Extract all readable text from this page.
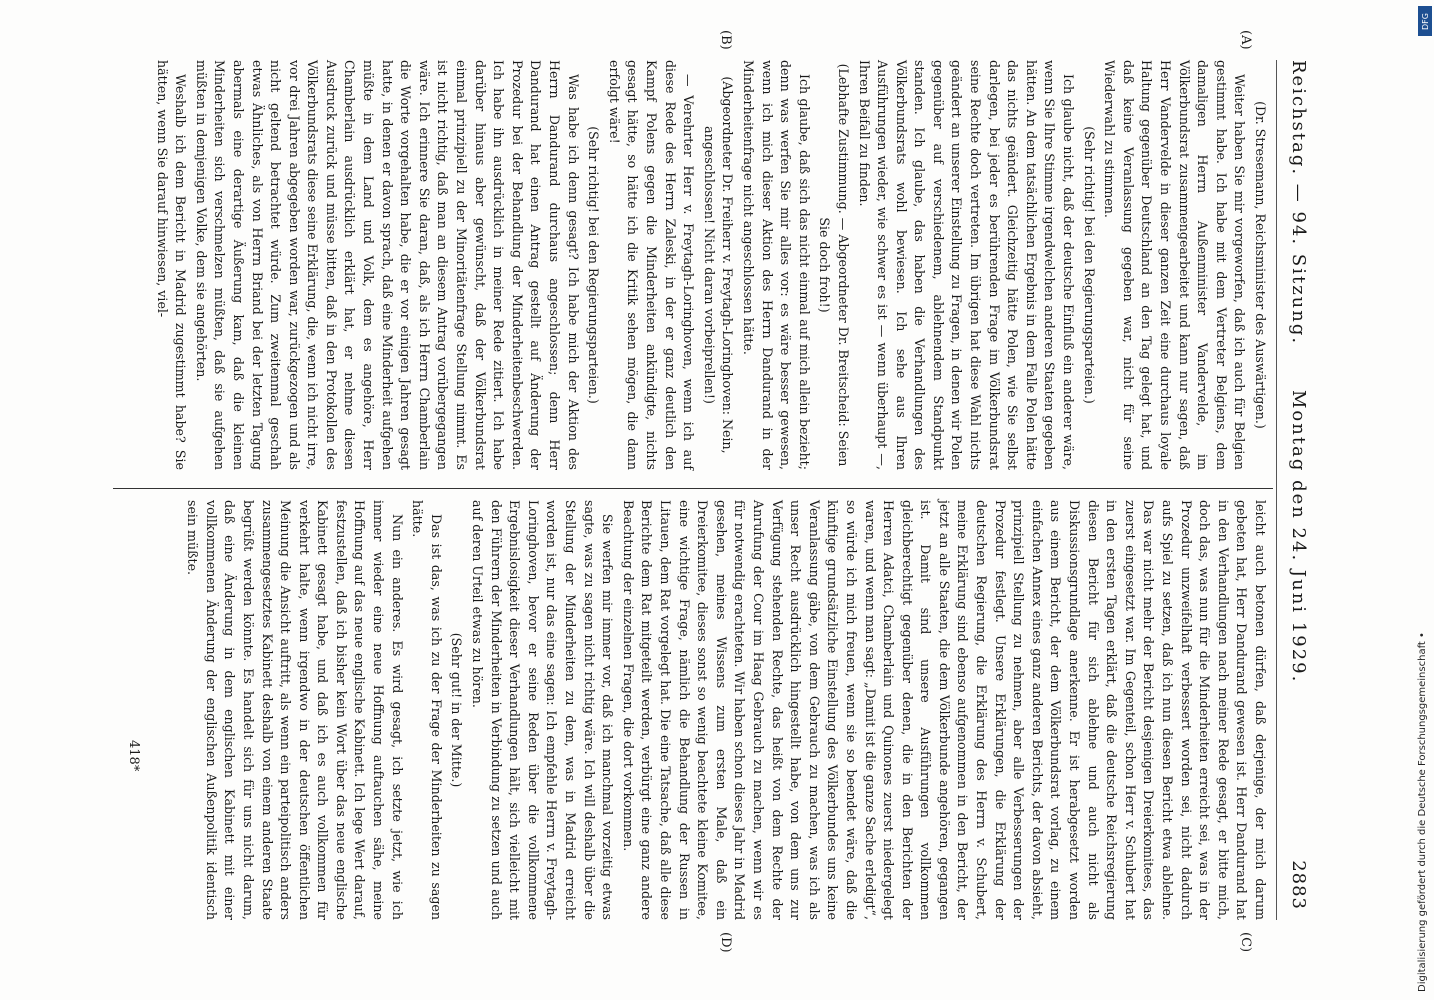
Reichstag. — 94. Sitzung.
Montag den 24. Juni 1929.
2883
(A)
(B)
(C)
(D)

(Dr. Stresemann, Reichsminister des Auswärtigen.)

Weiter haben Sie mir vorgeworfen, daß ich auch für Belgien gestimmt habe. Ich habe mit dem Vertreter Belgiens, dem damaligen Herrn Außenminister Vandervelde, im Völkerbundsrat zusammengearbeitet und kann nur sagen, daß Herr Vandervelde in dieser ganzen Zeit eine durchaus loyale Haltung gegenüber Deutschland an den Tag gelegt hat, und daß keine Veranlassung gegeben war, nicht für seine Wiederwahl zu stimmen.

(Sehr richtig! bei den Regierungsparteien.)

Ich glaube nicht, daß der deutsche Einfluß ein anderer wäre, wenn Sie Ihre Stimme irgendwelchen anderen Staaten gegeben hätten. An dem tatsächlichen Ergebnis in dem Falle Polen hätte das nichts geändert. Gleichzeitig hätte Polen, wie Sie selbst darlegen, bei jeder es berührenden Frage im Völkerbundsrat seine Rechte doch vertreten. Im übrigen hat diese Wahl nichts geändert an unserer Einstellung zu Fragen, in denen wir Polen gegenüber auf verschiedenem, ablehnendem Standpunkt standen. Ich glaube, das haben die Verhandlungen des Völkerbundsrats wohl bewiesen. Ich sehe aus Ihren Ausführungen wieder, wie schwer es ist — wenn überhaupt —, Ihren Beifall zu finden.

(Lebhafte Zustimmung. — Abgeordneter Dr. Breitscheid: Seien Sie doch froh!)

Ich glaube, daß sich das nicht einmal auf mich allein bezieht; denn was werfen Sie mir alles vor: es wäre besser gewesen, wenn ich mich dieser Aktion des Herrn Dandurand in der Minderheitenfrage nicht angeschlossen hätte.

(Abgeordneter Dr. Freiherr v. Freytagh-Loringhoven: Nein, angeschlossen! Nicht daran vorbeiprellen!)

— Verehrter Herr v. Freytagh-Loringhoven, wenn ich auf diese Rede des Herrn Zaleski, in der er ganz deutlich den Kampf Polens gegen die Minderheiten ankündigte, nichts gesagt hätte, so hätte ich die Kritik sehen mögen, die dann erfolgt wäre!

(Sehr richtig! bei den Regierungsparteien.)

Was habe ich denn gesagt? Ich habe mich der Aktion des Herrn Dandurand durchaus angeschlossen; denn Herr Dandurand hat einen Antrag gestellt auf Änderung der Prozedur bei der Behandlung der Minderheitenbeschwerden. Ich habe ihn ausdrücklich in meiner Rede zitiert. Ich habe darüber hinaus aber gewünscht, daß der Völkerbundsrat einmal prinzipiell zu der Minoritätenfrage Stellung nimmt. Es ist nicht richtig, daß man an diesem Antrag vorübergegangen wäre. Ich erinnere Sie daran, daß, als ich Herrn Chamberlain die Worte vorgehalten habe, die er vor einigen Jahren gesagt hatte, in denen er davon sprach, daß eine Minderheit aufgehen müßte in dem Land und Volk, dem es angehöre, Herr Chamberlain ausdrücklich erklärt hat, er nehme diesen Ausdruck zurück und müsse bitten, daß in den Protokollen des Völkerbundsrats diese seine Erklärung, die, wenn ich nicht irre, vor drei Jahren abgegeben worden war, zurückgezogen und als nicht geltend betrachtet würde. Zum zweitenmal geschah etwas Ähnliches, als von Herrn Briand bei der letzten Tagung abermals eine derartige Äußerung kam, daß die kleinen Minderheiten sich verschmelzen müßten, daß sie aufgehen müßten in demjenigen Volke, dem sie angehörten.

Weshalb ich dem Bericht in Madrid zugestimmt habe? Sie hätten, wenn Sie darauf hinwiesen, viel-

leicht auch betonen dürfen, daß derjenige, der mich darum gebeten hat, Herr Dandurand gewesen ist. Herr Dandurand hat in den Verhandlungen nach meiner Rede gesagt, er bitte mich, doch das, was nun für die Minderheiten erreicht sei, was in der Prozedur unzweifelhaft verbessert worden sei, nicht dadurch aufs Spiel zu setzen, daß ich nun diesen Bericht etwa ablehne. Das war nicht mehr der Bericht desjenigen Dreierkomitees, das zuerst eingesetzt war. Im Gegenteil, schon Herr v. Schubert hat in den ersten Tagen erklärt, daß die deutsche Reichsregierung diesen Bericht für sich ablehne und auch nicht als Diskussionsgrundlage anerkenne. Er ist herabgesetzt worden aus einem Bericht, der dem Völkerbundsrat vorlag, zu einem einfachen Annex eines ganz anderen Berichts, der davon absieht, prinzipiell Stellung zu nehmen, aber alle Verbesserungen der Prozedur festlegt. Unsere Erklärungen, die Erklärung der deutschen Regierung, die Erklärung des Herrn v. Schubert, meine Erklärung sind ebenso aufgenommen in den Bericht, der jetzt an alle Staaten, die dem Völkerbunde angehören, gegangen ist. Damit sind unsere Ausführungen vollkommen gleichberechtigt gegenüber denen, die in den Berichten der Herren Adatci, Chamberlain und Quinones zuerst niedergelegt waren, und wenn man sagt: „Damit ist die ganze Sache erledigt“, so würde ich mich freuen, wenn sie so beendet wäre, daß die künftige grundsätzliche Einstellung des Völkerbundes uns keine Veranlassung gäbe, von dem Gebrauch zu machen, was ich als unser Recht ausdrücklich hingestellt habe, von dem uns zur Verfügung stehenden Rechte, das heißt von dem Rechte der Anrufung der Cour im Haag Gebrauch zu machen, wenn wir es für notwendig erachteten. Wir haben schon dieses Jahr in Madrid gesehen, meines Wissens zum ersten Male, daß ein Dreierkomitee, dieses sonst so wenig beachtete kleine Komitee, eine wichtige Frage, nämlich die Behandlung der Russen in Litauen, dem Rat vorgelegt hat. Die eine Tatsache, daß alle diese Berichte dem Rat mitgeteilt werden, verbürgt eine ganz andere Beachtung der einzelnen Fragen, die dort vorkommen.

Sie werfen mir immer vor, daß ich manchmal vorzeitig etwas sagte, was zu sagen nicht richtig wäre. Ich will deshalb über die Stellung der Minderheiten zu dem, was in Madrid erreicht worden ist, nur das eine sagen: Ich empfehle Herrn v. Freytagh-Loringhoven, bevor er seine Reden über die vollkommene Ergebnislosigkeit dieser Verhandlungen hält, sich vielleicht mit den Führern der Minderheiten in Verbindung zu setzen und auch auf deren Urteil etwas zu hören.

(Sehr gut! in der Mitte.)

Das ist das, was ich zu der Frage der Minderheiten zu sagen hätte.

Nun ein anderes. Es wird gesagt, ich setzte jetzt, wie ich immer wieder eine neue Hoffnung auftauchen sähe, meine Hoffnung auf das neue englische Kabinett. Ich lege Wert darauf, festzustellen, daß ich bisher kein Wort über das neue englische Kabinett gesagt habe, und daß ich es auch vollkommen für verkehrt halte, wenn irgendwo in der deutschen öffentlichen Meinung die Ansicht auftritt, als wenn ein parteipolitisch anders zusammengesetztes Kabinett deshalb von einem anderen Staate begrüßt werden könnte. Es handelt sich für uns nicht darum, daß eine Änderung in dem englischen Kabinett mit einer vollkommenen Änderung der englischen Außenpolitik identisch sein müßte.

418*	Digitalisierung gefördert durch die Deutsche Forschungsgemeinschaft •
DFG
